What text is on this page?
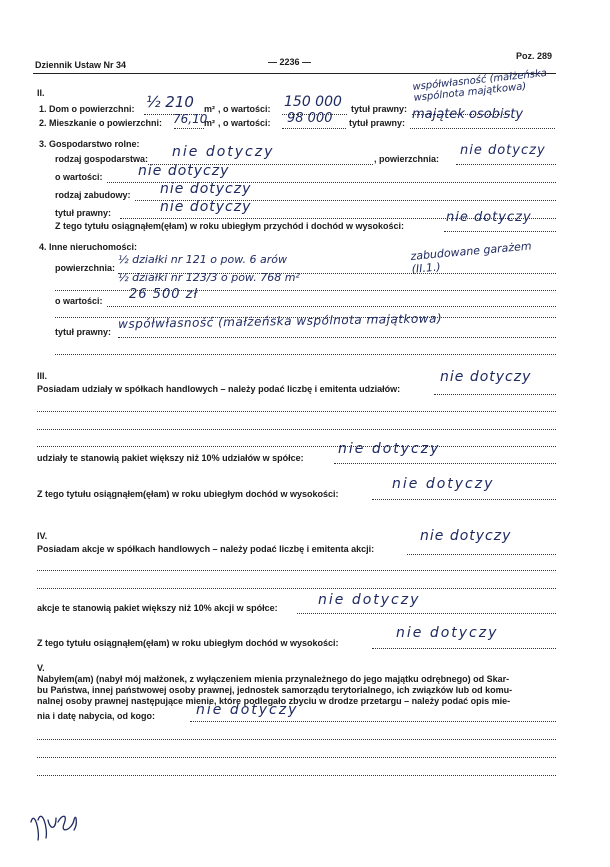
Dziennik Ustaw Nr 34	— 2236 —
Poz. 289
II.
1. Dom o powierzchni: ½ 210 m² , o wartości: 150 000 tytuł prawny:
współwłasność (małżeńska wspólnota majątkowa)
2. Mieszkanie o powierzchni: 76,10
m² , o wartości: 98 000 tytuł prawny:
majątek osobisty
3. Gospodarstwo rolne:
rodzaj gospodarstwa: nie dotyczy	, powierzchnia:
nie dotyczy
o wartości:	nie dotyczy
rodzaj zabudowy: nie dotyczy
tytuł prawny:	nie dotyczy
Z tego tytułu osiągnąłem(ęłam) w roku ubiegłym przychód i dochód w wysokości:
nie dotyczy
4. Inne nieruchomości:
powierzchnia:
½ działki nr 121 o pow. 6 arów
½ działki nr 123/3 o pow. 768 m²
zabudowane garażem (II.1.)
o wartości: 26 500 zł
tytuł prawny:
współwłasność (małżeńska wspólnota majątkowa)
III.
Posiadam udziały w spółkach handlowych – należy podać liczbę i emitenta udziałów:
nie dotyczy
udziały te stanowią pakiet większy niż 10% udziałów w spółce:
nie dotyczy
Z tego tytułu osiągnąłem(ęłam) w roku ubiegłym dochód w wysokości:
nie dotyczy
IV.
Posiadam akcje w spółkach handlowych – należy podać liczbę i emitenta akcji:
nie dotyczy
akcje te stanowią pakiet większy niż 10% akcji w spółce:	nie dotyczy
Z tego tytułu osiągnąłem(ęłam) w roku ubiegłym dochód w wysokości:
nie dotyczy
V.
Nabyłem(am) (nabył mój małżonek, z wyłączeniem mienia przynależnego do jego majątku odrębnego) od Skar-
bu Państwa, innej państwowej osoby prawnej, jednostek samorządu terytorialnego, ich związków lub od komu-
nalnej osoby prawnej następujące mienie, które podlegało zbyciu w drodze przetargu – należy podać opis mie-
nia i datę nabycia, od kogo:	nie dotyczy
